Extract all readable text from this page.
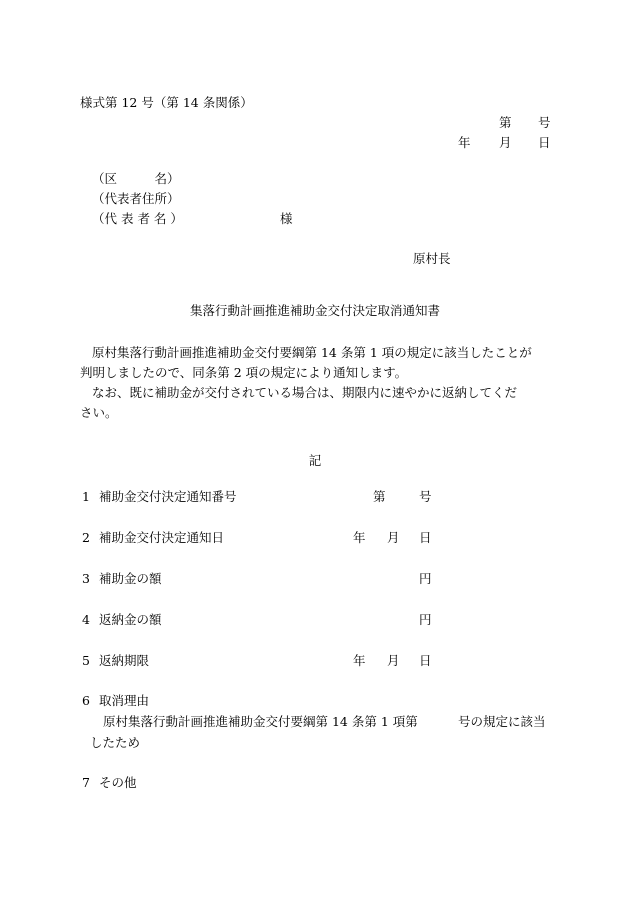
様式第 12 号（第 14 条関係）
第 号
年 月 日
（区　　　名）
（代表者住所）
（代 表 者 名 ）	様
原村長
集落行動計画推進補助金交付決定取消通知書
原村集落行動計画推進補助金交付要綱第 14 条第 1 項の規定に該当したことが
判明しましたので、同条第 2 項の規定により通知します。
なお、既に補助金が交付されている場合は、期限内に速やかに返納してくだ
さい。
記
1 補助金交付決定通知番号	第	号
2 補助金交付決定通知日	年 月 日
3 補助金の額	円
4 返納金の額	円
5 返納期限	年 月 日
6 取消理由
原村集落行動計画推進補助金交付要綱第 14 条第 1 項第	号の規定に該当
したため
7 その他
